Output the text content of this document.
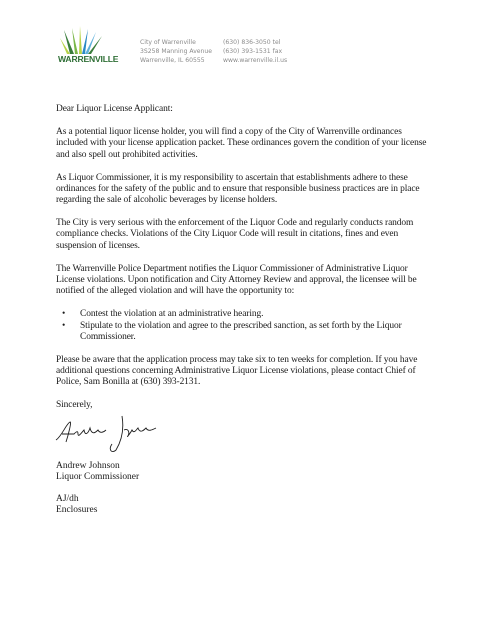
WARRENVILLE
City of Warrenville
3S258 Manning Avenue
Warrenville, IL 60555
(630) 836-3050 tel
(630) 393-1531 fax
www.warrenville.il.us

Dear Liquor License Applicant:

As a potential liquor license holder, you will find a copy of the City of Warrenville ordinances included with your license application packet. These ordinances govern the condition of your license and also spell out prohibited activities.

As Liquor Commissioner, it is my responsibility to ascertain that establishments adhere to these ordinances for the safety of the public and to ensure that responsible business practices are in place regarding the sale of alcoholic beverages by license holders.

The City is very serious with the enforcement of the Liquor Code and regularly conducts random compliance checks. Violations of the City Liquor Code will result in citations, fines and even suspension of licenses.

The Warrenville Police Department notifies the Liquor Commissioner of Administrative Liquor License violations. Upon notification and City Attorney Review and approval, the licensee will be notified of the alleged violation and will have the opportunity to:

• Contest the violation at an administrative hearing.
• Stipulate to the violation and agree to the prescribed sanction, as set forth by the Liquor Commissioner.

Please be aware that the application process may take six to ten weeks for completion. If you have additional questions concerning Administrative Liquor License violations, please contact Chief of Police, Sam Bonilla at (630) 393-2131.

Sincerely,

Andrew Johnson
Liquor Commissioner
AJ/dh
Enclosures
